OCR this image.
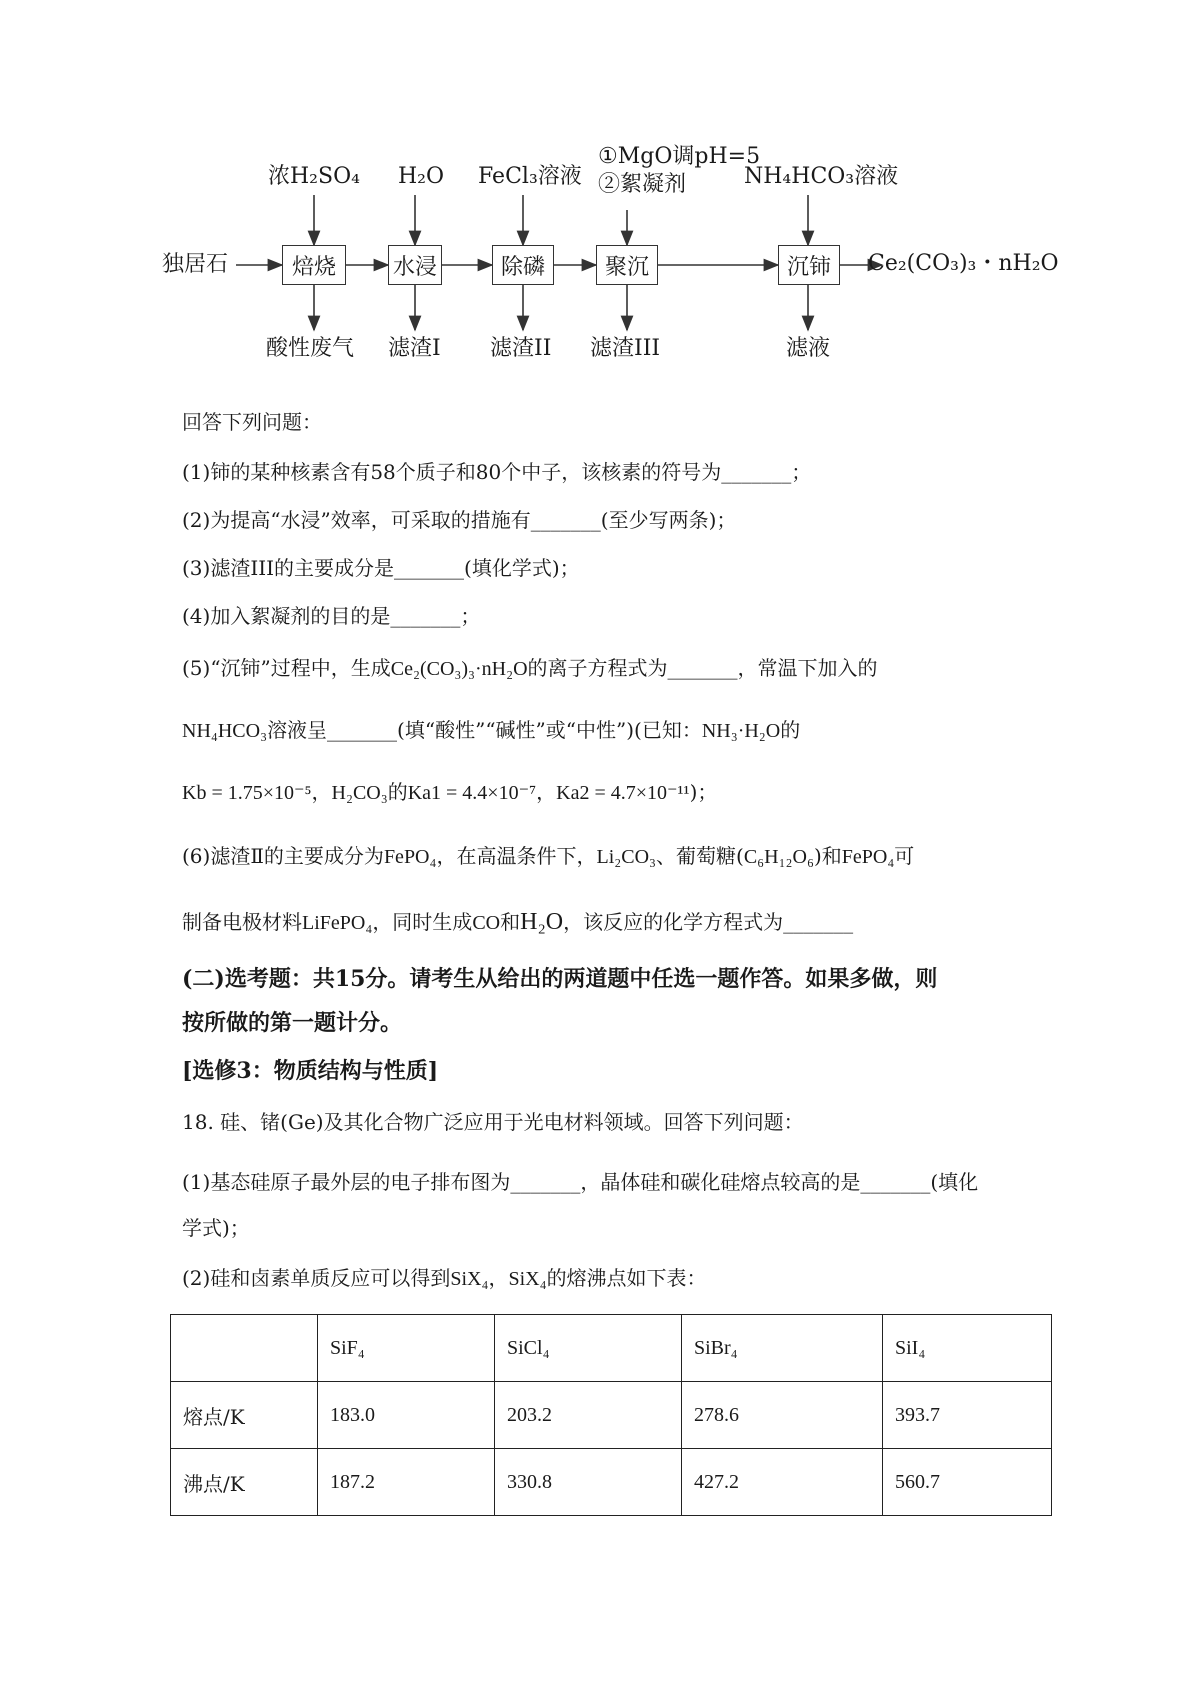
独居石	焙烧	水浸	除磷	聚沉	沉铈
浓H₂SO₄ H₂O FeCl₃溶液
①MgO调pH=5
②絮凝剂	NH₄HCO₃溶液
Ce₂(CO₃)₃・nH₂O
酸性废气 滤渣I 滤渣II 滤渣III	滤液
回答下列问题：
(1)铈的某种核素含有58个质子和80个中子，该核素的符号为_______；
(2)为提高“水浸”效率，可采取的措施有_______(至少写两条)；
(3)滤渣III的主要成分是_______(填化学式)；
(4)加入絮凝剂的目的是_______；
(5)“沉铈”过程中，生成Ce₂(CO₃)₃·nH₂O的离子方程式为_______，常温下加入的
NH₄HCO₃溶液呈_______(填“酸性”“碱性”或“中性”)(已知：NH₃·H₂O的
Kb = 1.75×10⁻⁵，H₂CO₃的Ka1 = 4.4×10⁻⁷，Ka2 = 4.7×10⁻¹¹)；
(6)滤渣Ⅱ的主要成分为FePO₄，在高温条件下，Li₂CO₃、葡萄糖(C₆H₁₂O₆)和FePO₄可
制备电极材料LiFePO₄，同时生成CO和H₂O，该反应的化学方程式为_______
(二)选考题：共15分。请考生从给出的两道题中任选一题作答。如果多做，则
按所做的第一题计分。
[选修3：物质结构与性质]
18. 硅、锗(Ge)及其化合物广泛应用于光电材料领域。回答下列问题：
(1)基态硅原子最外层的电子排布图为_______，晶体硅和碳化硅熔点较高的是_______(填化
学式)；
(2)硅和卤素单质反应可以得到SiX₄，SiX₄的熔沸点如下表：
	SiF₄	SiCl₄	SiBr₄	SiI₄
熔点/K	183.0	203.2	278.6	393.7
沸点/K	187.2	330.8	427.2	560.7
